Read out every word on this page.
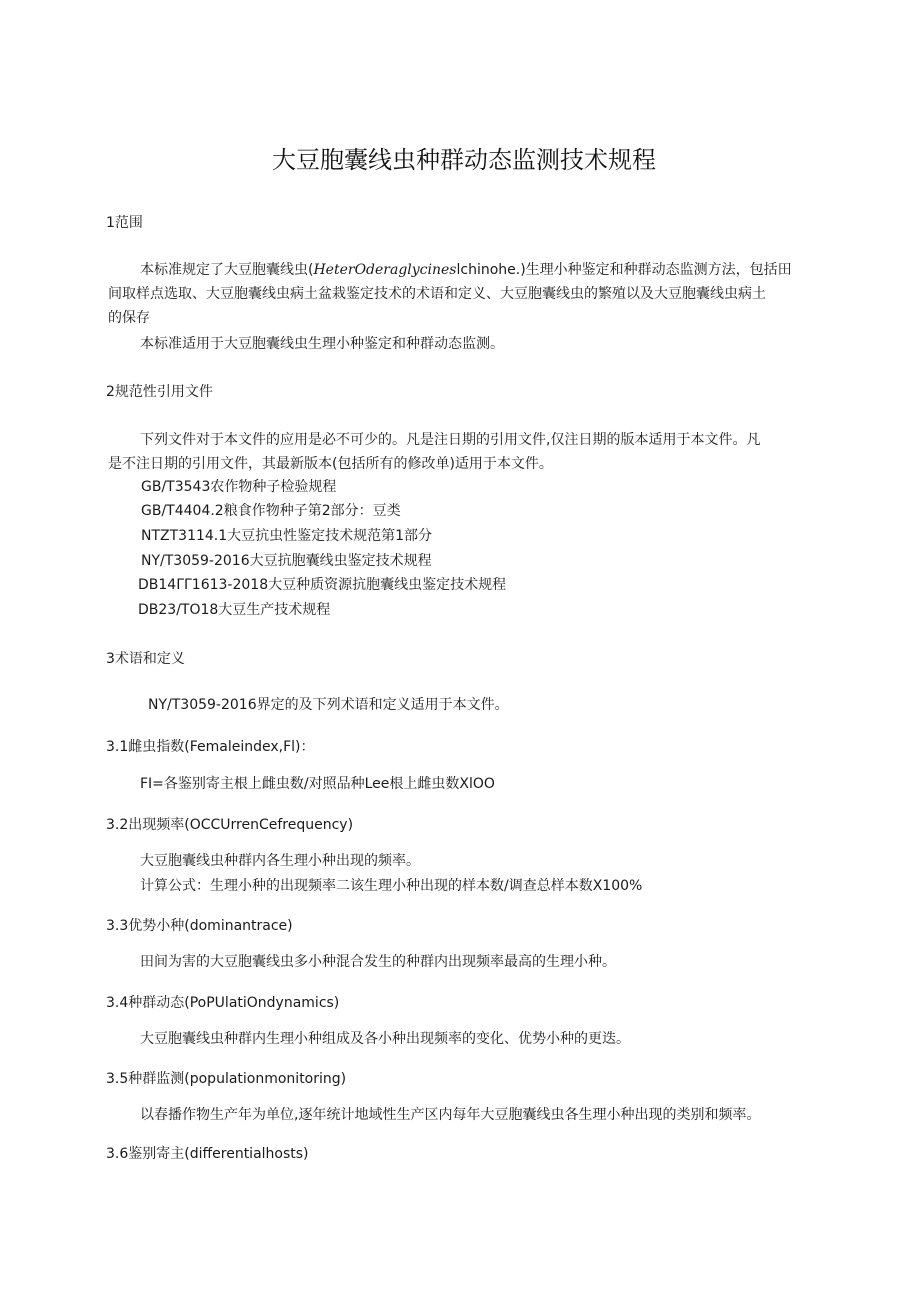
大豆胞囊线虫种群动态监测技术规程
1范围
本标准规定了大豆胞囊线虫(HeterOderaglycineslchinohe.)生理小种鉴定和种群动态监测方法，包括田
间取样点选取、大豆胞囊线虫病土盆栽鉴定技术的术语和定义、大豆胞囊线虫的繁殖以及大豆胞囊线虫病土
的保存
本标准适用于大豆胞囊线虫生理小种鉴定和种群动态监测。
2规范性引用文件
下列文件对于本文件的应用是必不可少的。凡是注日期的引用文件,仅注日期的版本适用于本文件。凡
是不注日期的引用文件，其最新版本(包括所有的修改单)适用于本文件。
GB/T3543农作物种子检验规程
GB/T4404.2粮食作物种子第2部分：豆类
NTZT3114.1大豆抗虫性鉴定技术规范第1部分
NY/T3059-2016大豆抗胞囊线虫鉴定技术规程
DB14ΓΓ1613-2018大豆种质资源抗胞囊线虫鉴定技术规程
DB23/TO18大豆生产技术规程
3术语和定义
NY/T3059-2016界定的及下列术语和定义适用于本文件。
3.1雌虫指数(Femaleindex,Fl)：
FI=各鉴别寄主根上雌虫数/对照品种Lee根上雌虫数XlOO
3.2出现频率(OCCUrrenCefrequency)
大豆胞囊线虫种群内各生理小种出现的频率。
计算公式：生理小种的出现频率二该生理小种出现的样本数/调查总样本数X100%
3.3优势小种(dominantrace)
田间为害的大豆胞囊线虫多小种混合发生的种群内出现频率最高的生理小种。
3.4种群动态(PoPUlatiOndynamics)
大豆胞囊线虫种群内生理小种组成及各小种出现频率的变化、优势小种的更迭。
3.5种群监测(populationmonitoring)
以春播作物生产年为单位,逐年统计地域性生产区内每年大豆胞囊线虫各生理小种出现的类别和频率。
3.6鉴别寄主(differentialhosts)
